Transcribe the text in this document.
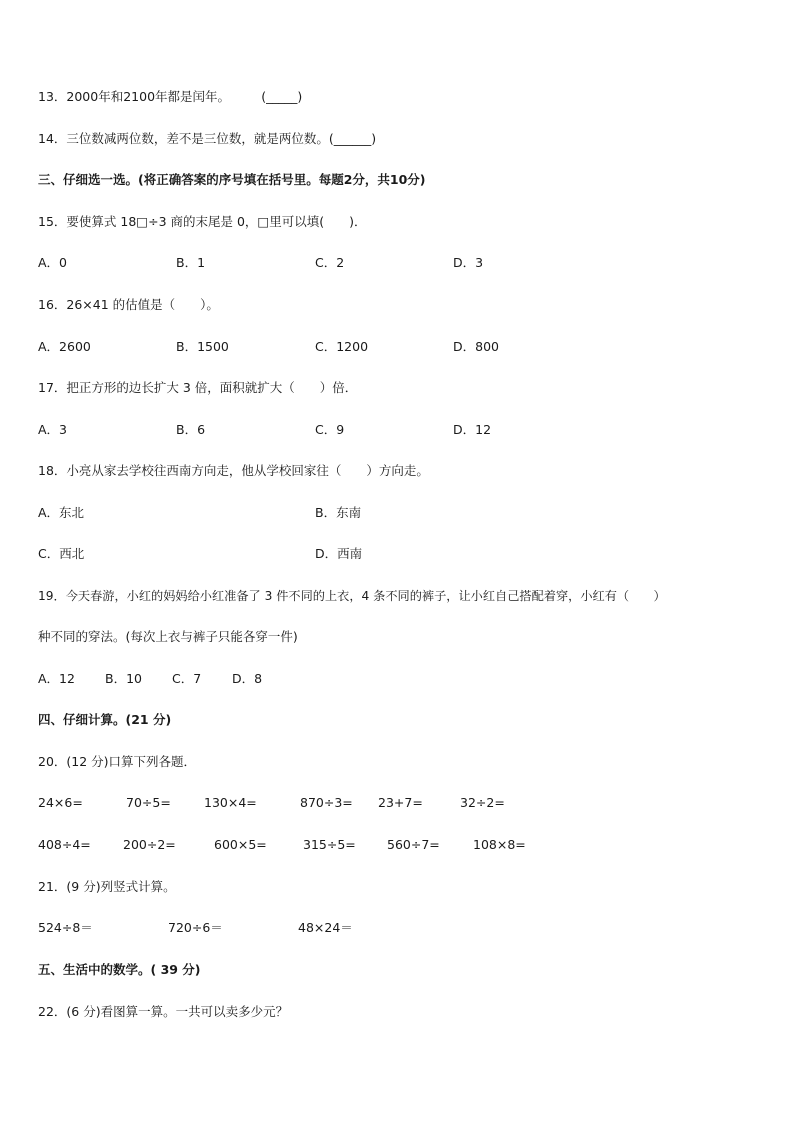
13．2000年和2100年都是闰年。　　　(_____)
14．三位数减两位数，差不是三位数，就是两位数。(______)
三、仔细选一选。(将正确答案的序号填在括号里。每题2分，共10分)
15．要使算式 18□÷3 商的末尾是 0，□里可以填(　　)．
A．0	B．1	C．2	D．3
16．26×41 的估值是（　　）。
A．2600	B．1500	C．1200	D．800
17．把正方形的边长扩大 3 倍，面积就扩大（　　）倍．
A．3	B．6	C．9	D．12
18．小亮从家去学校往西南方向走，他从学校回家往（　　）方向走。
A．东北	B．东南
C．西北	D．西南
19．今天春游，小红的妈妈给小红准备了 3 件不同的上衣，4 条不同的裤子，让小红自己搭配着穿，小红有（　　）
种不同的穿法。(每次上衣与裤子只能各穿一件)
A．12 B．10 C．7 D．8
四、仔细计算。(21 分)
20．(12 分)口算下列各题．
24×6=	70÷5=	130×4=	870÷3= 23+7=	32÷2=
408÷4=	200÷2=	600×5=	315÷5= 560÷7=	108×8=
21．(9 分)列竖式计算。
524÷8＝	720÷6＝	48×24＝
五、生活中的数学。( 39 分)
22．(6 分)看图算一算。一共可以卖多少元？
